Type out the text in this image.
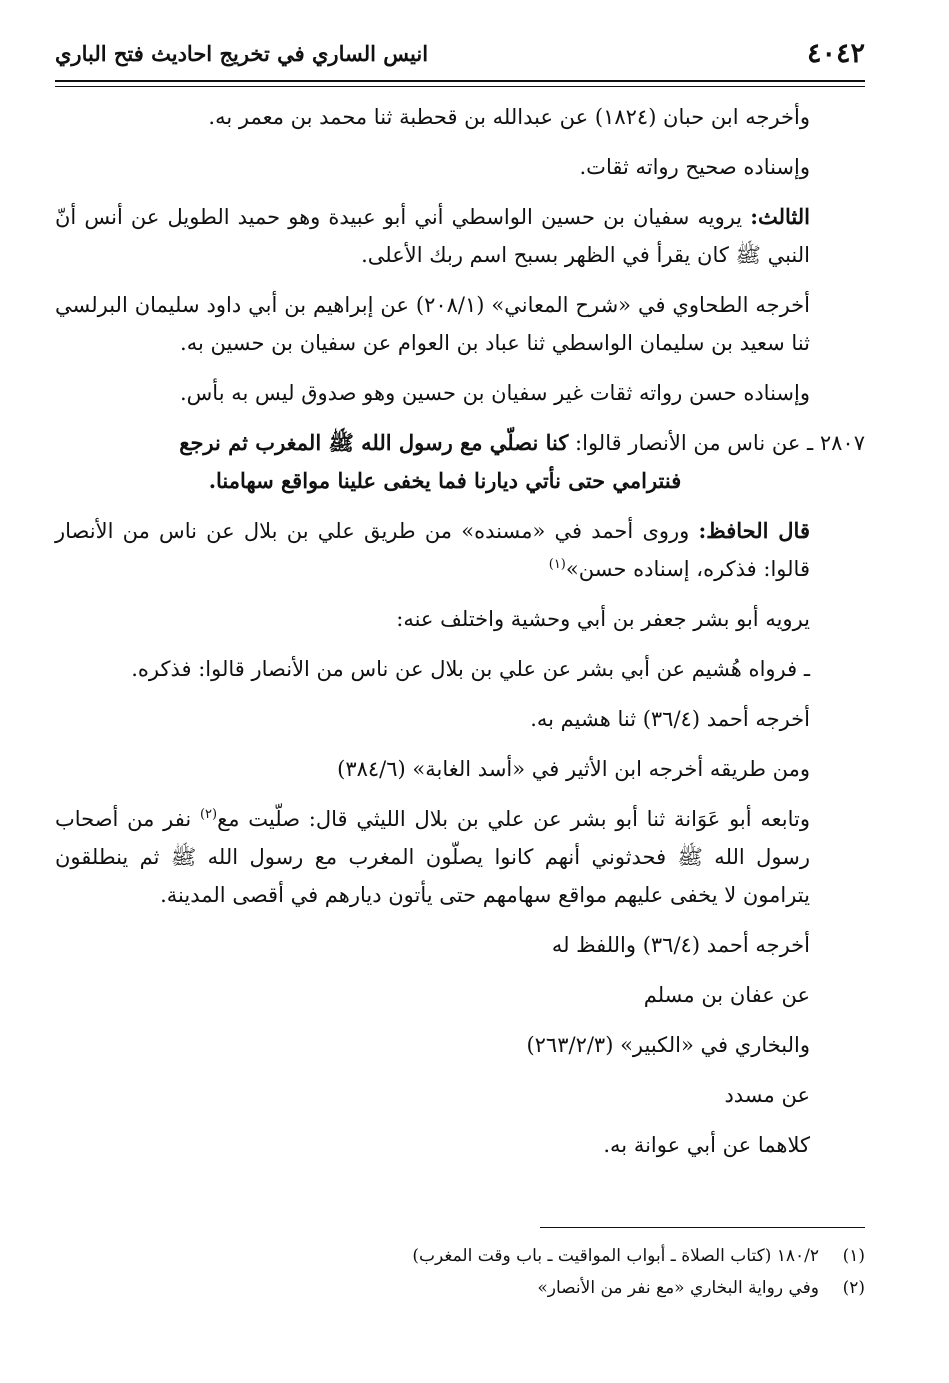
٤٠٤٢
انيس الساري في تخريج احاديث فتح الباري

وأخرجه ابن حبان (١٨٢٤) عن عبدالله بن قحطبة ثنا محمد بن معمر به.

وإسناده صحيح رواته ثقات.

الثالث: يرويه سفيان بن حسين الواسطي أني أبو عبيدة وهو حميد الطويل عن أنس أنّ النبي ﷺ كان يقرأ في الظهر بسبح اسم ربك الأعلى.

أخرجه الطحاوي في «شرح المعاني» (٢٠٨/١) عن إبراهيم بن أبي داود سليمان البرلسي ثنا سعيد بن سليمان الواسطي ثنا عباد بن العوام عن سفيان بن حسين به.

وإسناده حسن رواته ثقات غير سفيان بن حسين وهو صدوق ليس به بأس.

٢٨٠٧ ـ عن ناس من الأنصار قالوا: كنا نصلّي مع رسول الله ﷺ المغرب ثم نرجع
فنترامي حتى نأتي ديارنا فما يخفى علينا مواقع سهامنا.

قال الحافظ: وروى أحمد في «مسنده» من طريق علي بن بلال عن ناس من الأنصار قالوا: فذكره، إسناده حسن»$^{(١)}$

يرويه أبو بشر جعفر بن أبي وحشية واختلف عنه:

ـ فرواه هُشيم عن أبي بشر عن علي بن بلال عن ناس من الأنصار قالوا: فذكره.

أخرجه أحمد (٣٦/٤) ثنا هشيم به.

ومن طريقه أخرجه ابن الأثير في «أسد الغابة» (٣٨٤/٦)

وتابعه أبو عَوَانة ثنا أبو بشر عن علي بن بلال الليثي قال: صلّيت مع$^{(٢)}$ نفر من أصحاب رسول الله ﷺ فحدثوني أنهم كانوا يصلّون المغرب مع رسول الله ﷺ ثم ينطلقون يترامون لا يخفى عليهم مواقع سهامهم حتى يأتون ديارهم في أقصى المدينة.

أخرجه أحمد (٣٦/٤) واللفظ له

عن عفان بن مسلم

والبخاري في «الكبير» (٢٦٣/٢/٣)

عن مسدد

كلاهما عن أبي عوانة به.

(١)١٨٠/٢ (كتاب الصلاة ـ أبواب المواقيت ـ باب وقت المغرب)

(٢)وفي رواية البخاري «مع نفر من الأنصار»
